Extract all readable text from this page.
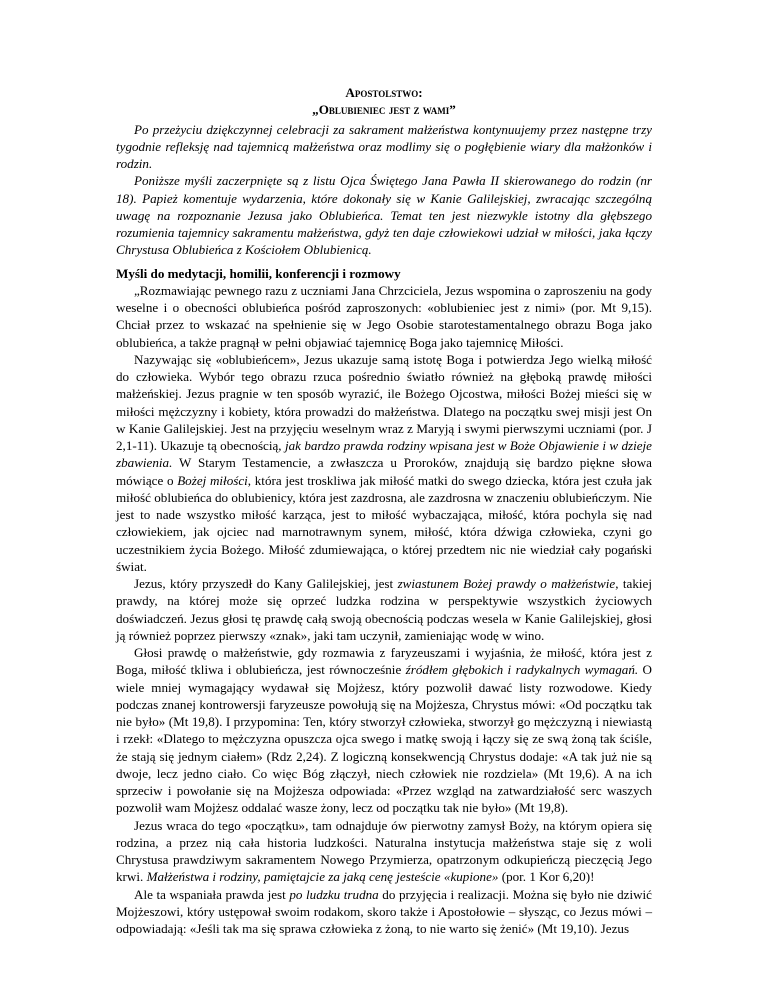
Apostolstwo:
„Oblubieniec jest z wami”

Po przeżyciu dziękczynnej celebracji za sakrament małżeństwa kontynuujemy przez następne trzy tygodnie refleksję nad tajemnicą małżeństwa oraz modlimy się o pogłębienie wiary dla małżonków i rodzin.

Poniższe myśli zaczerpnięte są z listu Ojca Świętego Jana Pawła II skierowanego do rodzin (nr 18). Papież komentuje wydarzenia, które dokonały się w Kanie Galilejskiej, zwracając szczególną uwagę na rozpoznanie Jezusa jako Oblubieńca. Temat ten jest niezwykle istotny dla głębszego rozumienia tajemnicy sakramentu małżeństwa, gdyż ten daje człowiekowi udział w miłości, jaka łączy Chrystusa Oblubieńca z Kościołem Oblubienicą.

Myśli do medytacji, homilii, konferencji i rozmowy

„Rozmawiając pewnego razu z uczniami Jana Chrzciciela, Jezus wspomina o zaproszeniu na gody weselne i o obecności oblubieńca pośród zaproszonych: «oblubieniec jest z nimi» (por. Mt 9,15). Chciał przez to wskazać na spełnienie się w Jego Osobie starotestamentalnego obrazu Boga jako oblubieńca, a także pragnął w pełni objawiać tajemnicę Boga jako tajemnicę Miłości.

Nazywając się «oblubieńcem», Jezus ukazuje samą istotę Boga i potwierdza Jego wielką miłość do człowieka. Wybór tego obrazu rzuca pośrednio światło również na głęboką prawdę miłości małżeńskiej. Jezus pragnie w ten sposób wyrazić, ile Bożego Ojcostwa, miłości Bożej mieści się w miłości mężczyzny i kobiety, która prowadzi do małżeństwa. Dlatego na początku swej misji jest On w Kanie Galilejskiej. Jest na przyjęciu weselnym wraz z Maryją i swymi pierwszymi uczniami (por. J 2,1-11). Ukazuje tą obecnością, jak bardzo prawda rodziny wpisana jest w Boże Objawienie i w dzieje zbawienia. W Starym Testamencie, a zwłaszcza u Proroków, znajdują się bardzo piękne słowa mówiące o Bożej miłości, która jest troskliwa jak miłość matki do swego dziecka, która jest czuła jak miłość oblubieńca do oblubienicy, która jest zazdrosna, ale zazdrosna w znaczeniu oblubieńczym. Nie jest to nade wszystko miłość karząca, jest to miłość wybaczająca, miłość, która pochyla się nad człowiekiem, jak ojciec nad marnotrawnym synem, miłość, która dźwiga człowieka, czyni go uczestnikiem życia Bożego. Miłość zdumiewająca, o której przedtem nic nie wiedział cały pogański świat.

Jezus, który przyszedł do Kany Galilejskiej, jest zwiastunem Bożej prawdy o małżeństwie, takiej prawdy, na której może się oprzeć ludzka rodzina w perspektywie wszystkich życiowych doświadczeń. Jezus głosi tę prawdę całą swoją obecnością podczas wesela w Kanie Galilejskiej, głosi ją również poprzez pierwszy «znak», jaki tam uczynił, zamieniając wodę w wino.

Głosi prawdę o małżeństwie, gdy rozmawia z faryzeuszami i wyjaśnia, że miłość, która jest z Boga, miłość tkliwa i oblubieńcza, jest równocześnie źródłem głębokich i radykalnych wymagań. O wiele mniej wymagający wydawał się Mojżesz, który pozwolił dawać listy rozwodowe. Kiedy podczas znanej kontrowersji faryzeusze powołują się na Mojżesza, Chrystus mówi: «Od początku tak nie było» (Mt 19,8). I przypomina: Ten, który stworzył człowieka, stworzył go mężczyzną i niewiastą i rzekł: «Dlatego to mężczyzna opuszcza ojca swego i matkę swoją i łączy się ze swą żoną tak ściśle, że stają się jednym ciałem» (Rdz 2,24). Z logiczną konsekwencją Chrystus dodaje: «A tak już nie są dwoje, lecz jedno ciało. Co więc Bóg złączył, niech człowiek nie rozdziela» (Mt 19,6). A na ich sprzeciw i powołanie się na Mojżesza odpowiada: «Przez wzgląd na zatwardziałość serc waszych pozwolił wam Mojżesz oddalać wasze żony, lecz od początku tak nie było» (Mt 19,8).

Jezus wraca do tego «początku», tam odnajduje ów pierwotny zamysł Boży, na którym opiera się rodzina, a przez nią cała historia ludzkości. Naturalna instytucja małżeństwa staje się z woli Chrystusa prawdziwym sakramentem Nowego Przymierza, opatrzonym odkupieńczą pieczęcią Jego krwi. Małżeństwa i rodziny, pamiętajcie za jaką cenę jesteście «kupione» (por. 1 Kor 6,20)!

Ale ta wspaniała prawda jest po ludzku trudna do przyjęcia i realizacji. Można się było nie dziwić Mojżeszowi, który ustępował swoim rodakom, skoro także i Apostołowie – słysząc, co Jezus mówi – odpowiadają: «Jeśli tak ma się sprawa człowieka z żoną, to nie warto się żenić» (Mt 19,10). Jezus
